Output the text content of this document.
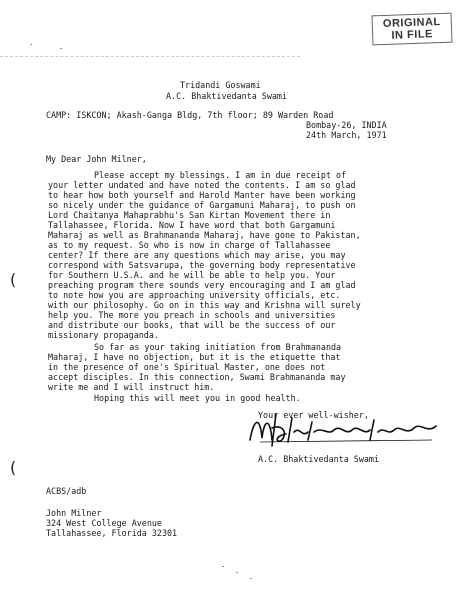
ORIGINAL
IN FILE
Tridandi Goswami
A.C. Bhaktivedanta Swami
CAMP: ISKCON; Akash-Ganga Bldg, 7th floor; 89 Warden Road
Bombay-26, INDIA
24th March, 1971
My Dear John Milner,
Please accept my blessings. I am in due receipt of
your letter undated and have noted the contents. I am so glad
to hear how both yourself and Harold Manter have been working
so nicely under the guidance of Gargamuni Maharaj, to push on
Lord Chaitanya Mahaprabhu's San Kirtan Movement there in
Tallahassee, Florida. Now I have word that both Gargamuni
Maharaj as well as Brahmananda Maharaj, have gone to Pakistan,
as to my request. So who is now in charge of Tallahassee
center? If there are any questions which may arise, you may
correspond with Satsvarupa, the governing body representative
for Southern U.S.A. and he will be able to help you. Your
preaching program there sounds very encouraging and I am glad
to note how you are approaching university officials, etc.
with our philosophy. Go on in this way and Krishna will surely
help you. The more you preach in schools and universities
and distribute our books, that will be the success of our
missionary propaganda.
So far as your taking initiation from Brahmananda
Maharaj, I have no objection, but it is the etiquette that
in the presence of one's Spiritual Master, one does not
accept disciples. In this connection, Swami Brahmananda may
write me and I will instruct him.
Hoping this will meet you in good health.
Your ever well-wisher,
A.C. Bhaktivedanta Swami
ACBS/adb
John Milner
324 West College Avenue
Tallahassee, Florida 32301
(
(
